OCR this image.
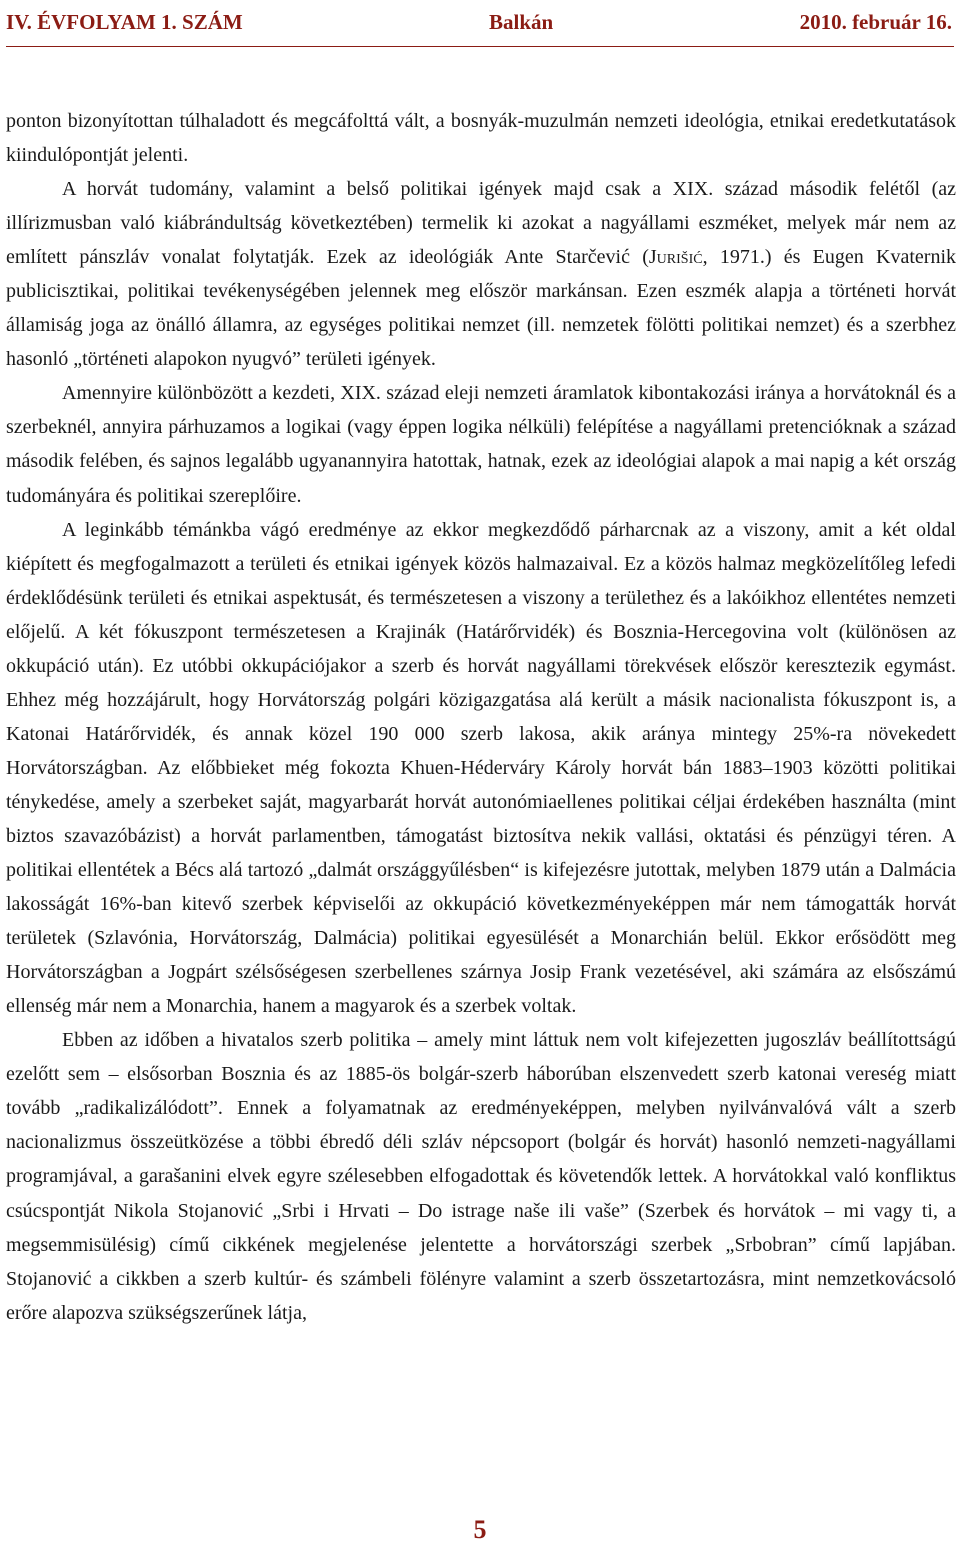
IV. ÉVFOLYAM 1. SZÁM	Balkán	2010. február 16.

ponton bizonyítottan túlhaladott és megcáfolttá vált, a bosnyák-muzulmán nemzeti ideológia, etnikai eredetkutatások kiindulópontját jelenti.

A horvát tudomány, valamint a belső politikai igények majd csak a XIX. század második felétől (az illírizmusban való kiábrándultság következtében) termelik ki azokat a nagyállami eszméket, melyek már nem az említett pánszláv vonalat folytatják. Ezek az ideológiák Ante Starčević (Jurišić, 1971.) és Eugen Kvaternik publicisztikai, politikai tevékenységében jelennek meg először markánsan. Ezen eszmék alapja a történeti horvát államiság joga az önálló államra, az egységes politikai nemzet (ill. nemzetek fölötti politikai nemzet) és a szerbhez hasonló „történeti alapokon nyugvó” területi igények.

Amennyire különbözött a kezdeti, XIX. század eleji nemzeti áramlatok kibontakozási iránya a horvátoknál és a szerbeknél, annyira párhuzamos a logikai (vagy éppen logika nélküli) felépítése a nagyállami pretencióknak a század második felében, és sajnos legalább ugyanannyira hatottak, hatnak, ezek az ideológiai alapok a mai napig a két ország tudományára és politikai szereplőire.

A leginkább témánkba vágó eredménye az ekkor megkezdődő párharcnak az a viszony, amit a két oldal kiépített és megfogalmazott a területi és etnikai igények közös halmazaival. Ez a közös halmaz megközelítőleg lefedi érdeklődésünk területi és etnikai aspektusát, és természetesen a viszony a területhez és a lakóikhoz ellentétes nemzeti előjelű. A két fókuszpont természetesen a Krajinák (Határőrvidék) és Bosznia-Hercegovina volt (különösen az okkupáció után). Ez utóbbi okkupációjakor a szerb és horvát nagyállami törekvések először keresztezik egymást. Ehhez még hozzájárult, hogy Horvátország polgári közigazgatása alá került a másik nacionalista fókuszpont is, a Katonai Határőrvidék, és annak közel 190 000 szerb lakosa, akik aránya mintegy 25%-ra növekedett Horvátországban. Az előbbieket még fokozta Khuen-Héderváry Károly horvát bán 1883–1903 közötti politikai ténykedése, amely a szerbeket saját, magyarbarát horvát autonómiaellenes politikai céljai érdekében használta (mint biztos szavazóbázist) a horvát parlamentben, támogatást biztosítva nekik vallási, oktatási és pénzügyi téren. A politikai ellentétek a Bécs alá tartozó „dalmát országgyűlésben“ is kifejezésre jutottak, melyben 1879 után a Dalmácia lakosságát 16%-ban kitevő szerbek képviselői az okkupáció következményeképpen már nem támogatták horvát területek (Szlavónia, Horvátország, Dalmácia) politikai egyesülését a Monarchián belül. Ekkor erősödött meg Horvátországban a Jogpárt szélsőségesen szerbellenes szárnya Josip Frank vezetésével, aki számára az elsőszámú ellenség már nem a Monarchia, hanem a magyarok és a szerbek voltak.

Ebben az időben a hivatalos szerb politika – amely mint láttuk nem volt kifejezetten jugoszláv beállítottságú ezelőtt sem – elsősorban Bosznia és az 1885-ös bolgár-szerb háborúban elszenvedett szerb katonai vereség miatt tovább „radikalizálódott”. Ennek a folyamatnak az eredményeképpen, melyben nyilvánvalóvá vált a szerb nacionalizmus összeütközése a többi ébredő déli szláv népcsoport (bolgár és horvát) hasonló nemzeti-nagyállami programjával, a garašanini elvek egyre szélesebben elfogadottak és követendők lettek. A horvátokkal való konfliktus csúcspontját Nikola Stojanović „Srbi i Hrvati – Do istrage naše ili vaše” (Szerbek és horvátok – mi vagy ti, a megsemmisülésig) című cikkének megjelenése jelentette a horvátországi szerbek „Srbobran” című lapjában. Stojanović a cikkben a szerb kultúr- és számbeli fölényre valamint a szerb összetartozásra, mint nemzetkovácsoló erőre alapozva szükségszerűnek látja,

5
